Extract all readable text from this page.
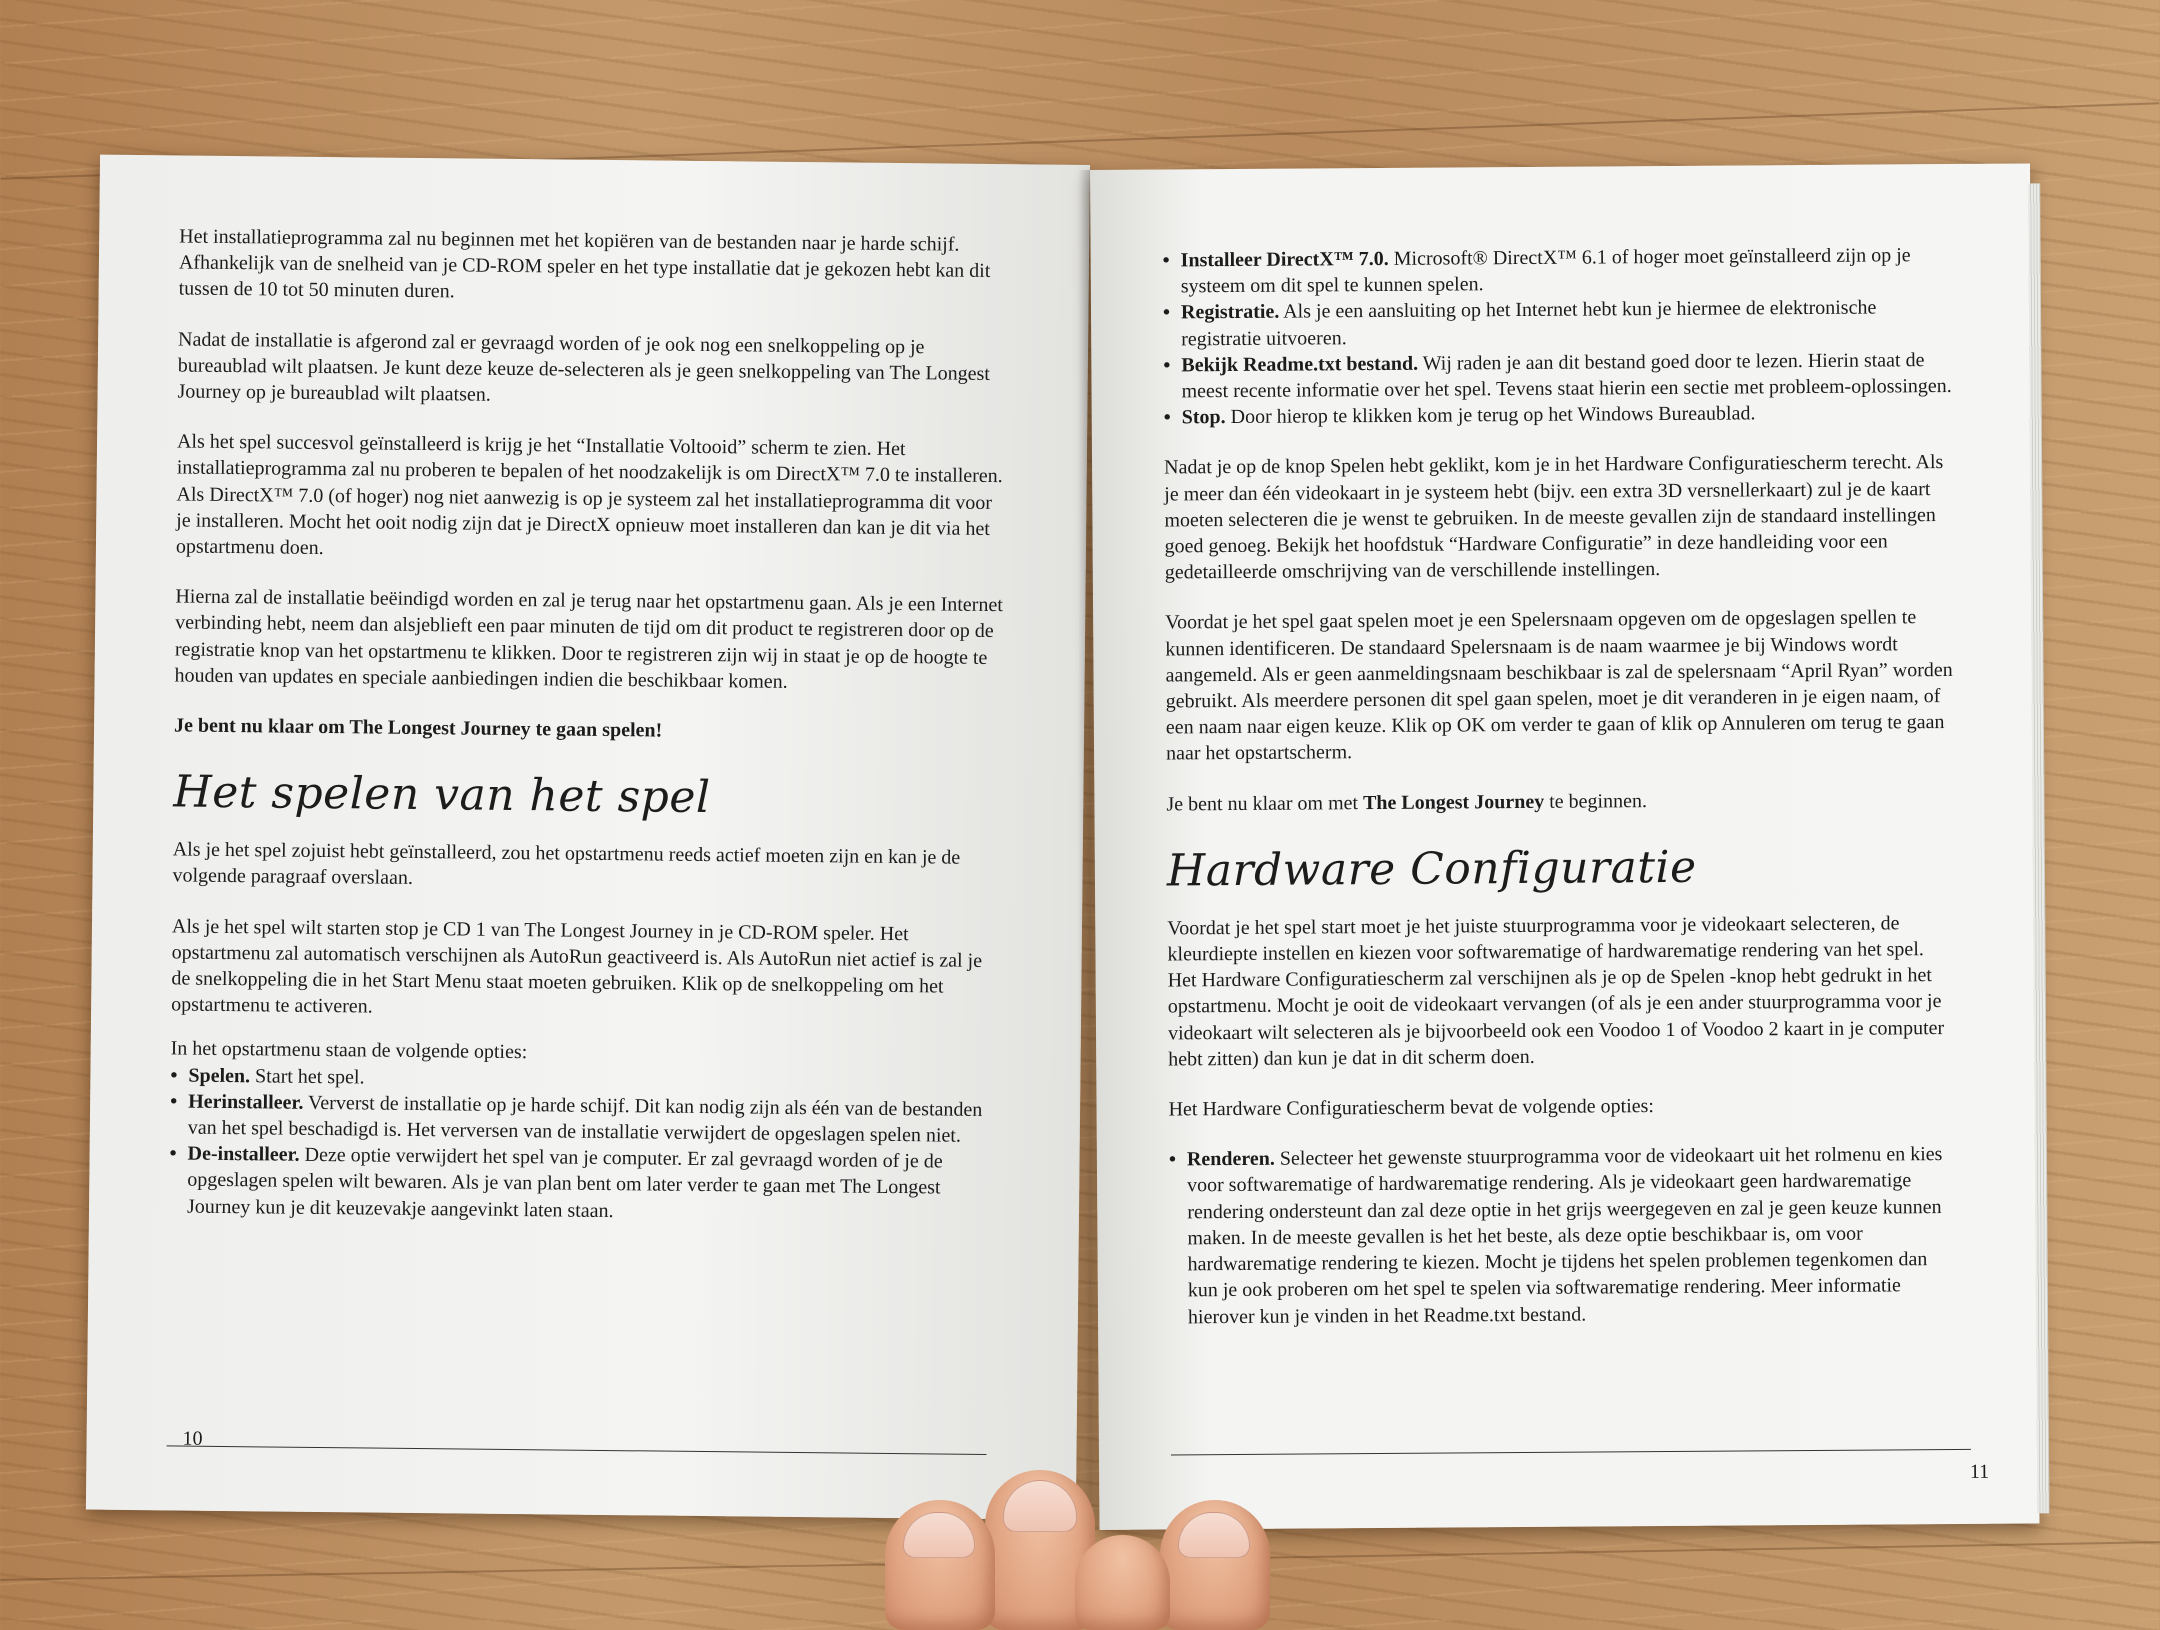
Het installatieprogramma zal nu beginnen met het kopiëren van de bestanden naar je harde schijf. Afhankelijk van de snelheid van je CD-ROM speler en het type installatie dat je gekozen hebt kan dit tussen de 10 tot 50 minuten duren.

Nadat de installatie is afgerond zal er gevraagd worden of je ook nog een snelkoppeling op je bureaublad wilt plaatsen. Je kunt deze keuze de-selecteren als je geen snelkoppeling van The Longest Journey op je bureaublad wilt plaatsen.

Als het spel succesvol geïnstalleerd is krijg je het “Installatie Voltooid” scherm te zien. Het installatieprogramma zal nu proberen te bepalen of het noodzakelijk is om DirectX™ 7.0 te installeren. Als DirectX™ 7.0 (of hoger) nog niet aanwezig is op je systeem zal het installatieprogramma dit voor je installeren. Mocht het ooit nodig zijn dat je DirectX opnieuw moet installeren dan kan je dit via het opstartmenu doen.

Hierna zal de installatie beëindigd worden en zal je terug naar het opstartmenu gaan. Als je een Internet verbinding hebt, neem dan alsjeblieft een paar minuten de tijd om dit product te registreren door op de registratie knop van het opstartmenu te klikken. Door te registreren zijn wij in staat je op de hoogte te houden van updates en speciale aanbiedingen indien die beschikbaar komen.

Je bent nu klaar om The Longest Journey te gaan spelen!
Het spelen van het spel

Als je het spel zojuist hebt geïnstalleerd, zou het opstartmenu reeds actief moeten zijn en kan je de volgende paragraaf overslaan.

Als je het spel wilt starten stop je CD 1 van The Longest Journey in je CD-ROM speler. Het opstartmenu zal automatisch verschijnen als AutoRun geactiveerd is. Als AutoRun niet actief is zal je de snelkoppeling die in het Start Menu staat moeten gebruiken. Klik op de snelkoppeling om het opstartmenu te activeren.

In het opstartmenu staan de volgende opties:
• Spelen. Start het spel.
• Herinstalleer. Ververst de installatie op je harde schijf. Dit kan nodig zijn als één van de bestanden van het spel beschadigd is. Het verversen van de installatie verwijdert de opgeslagen spelen niet.
• De-installeer. Deze optie verwijdert het spel van je computer. Er zal gevraagd worden of je de opgeslagen spelen wilt bewaren. Als je van plan bent om later verder te gaan met The Longest Journey kun je dit keuzevakje aangevinkt laten staan.
10
• Installeer DirectX™ 7.0. Microsoft® DirectX™ 6.1 of hoger moet geïnstalleerd zijn op je systeem om dit spel te kunnen spelen.
• Registratie. Als je een aansluiting op het Internet hebt kun je hiermee de elektronische registratie uitvoeren.
• Bekijk Readme.txt bestand. Wij raden je aan dit bestand goed door te lezen. Hierin staat de meest recente informatie over het spel. Tevens staat hierin een sectie met probleem-oplossingen.
• Stop. Door hierop te klikken kom je terug op het Windows Bureaublad.

Nadat je op de knop Spelen hebt geklikt, kom je in het Hardware Configuratiescherm terecht. Als je meer dan één videokaart in je systeem hebt (bijv. een extra 3D versnellerkaart) zul je de kaart moeten selecteren die je wenst te gebruiken. In de meeste gevallen zijn de standaard instellingen goed genoeg. Bekijk het hoofdstuk “Hardware Configuratie” in deze handleiding voor een gedetailleerde omschrijving van de verschillende instellingen.

Voordat je het spel gaat spelen moet je een Spelersnaam opgeven om de opgeslagen spellen te kunnen identificeren. De standaard Spelersnaam is de naam waarmee je bij Windows wordt aangemeld. Als er geen aanmeldingsnaam beschikbaar is zal de spelersnaam “April Ryan” worden gebruikt. Als meerdere personen dit spel gaan spelen, moet je dit veranderen in je eigen naam, of een naam naar eigen keuze. Klik op OK om verder te gaan of klik op Annuleren om terug te gaan naar het opstartscherm.

Je bent nu klaar om met The Longest Journey te beginnen.

Hardware Configuratie

Voordat je het spel start moet je het juiste stuurprogramma voor je videokaart selecteren, de kleurdiepte instellen en kiezen voor softwarematige of hardwarematige rendering van het spel. Het Hardware Configuratiescherm zal verschijnen als je op de Spelen -knop hebt gedrukt in het opstartmenu. Mocht je ooit de videokaart vervangen (of als je een ander stuurprogramma voor je videokaart wilt selecteren als je bijvoorbeeld ook een Voodoo 1 of Voodoo 2 kaart in je computer hebt zitten) dan kun je dat in dit scherm doen.

Het Hardware Configuratiescherm bevat de volgende opties:

• Renderen. Selecteer het gewenste stuurprogramma voor de videokaart uit het rolmenu en kies voor softwarematige of hardwarematige rendering. Als je videokaart geen hardwarematige rendering ondersteunt dan zal deze optie in het grijs weergegeven en zal je geen keuze kunnen maken. In de meeste gevallen is het het beste, als deze optie beschikbaar is, om voor hardwarematige rendering te kiezen. Mocht je tijdens het spelen problemen tegenkomen dan kun je ook proberen om het spel te spelen via softwarematige rendering. Meer informatie hierover kun je vinden in het Readme.txt bestand.
11
